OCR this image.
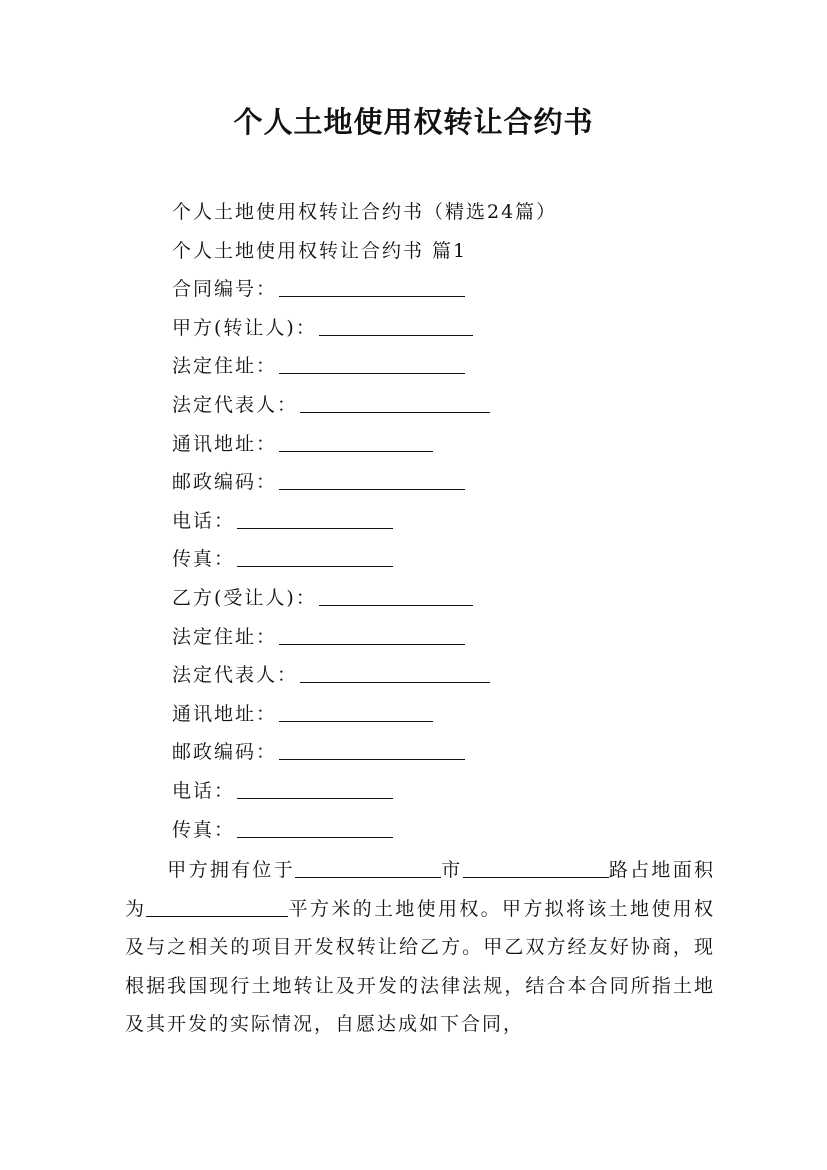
个人土地使用权转让合约书
个人土地使用权转让合约书（精选24篇）
个人土地使用权转让合约书 篇1
合同编号：
甲方(转让人)：
法定住址：
法定代表人：
通讯地址：
邮政编码：
电话：
传真：
乙方(受让人)：
法定住址：
法定代表人：
通讯地址：
邮政编码：
电话：
传真：
  甲方拥有位于	市	路占地面积为	平方米的土地使用权。甲方拟将该土地使用权及与之相关的项目开发权转让给乙方。甲乙双方经友好协商，现根据我国现行土地转让及开发的法律法规，结合本合同所指土地及其开发的实际情况，自愿达成如下合同，
